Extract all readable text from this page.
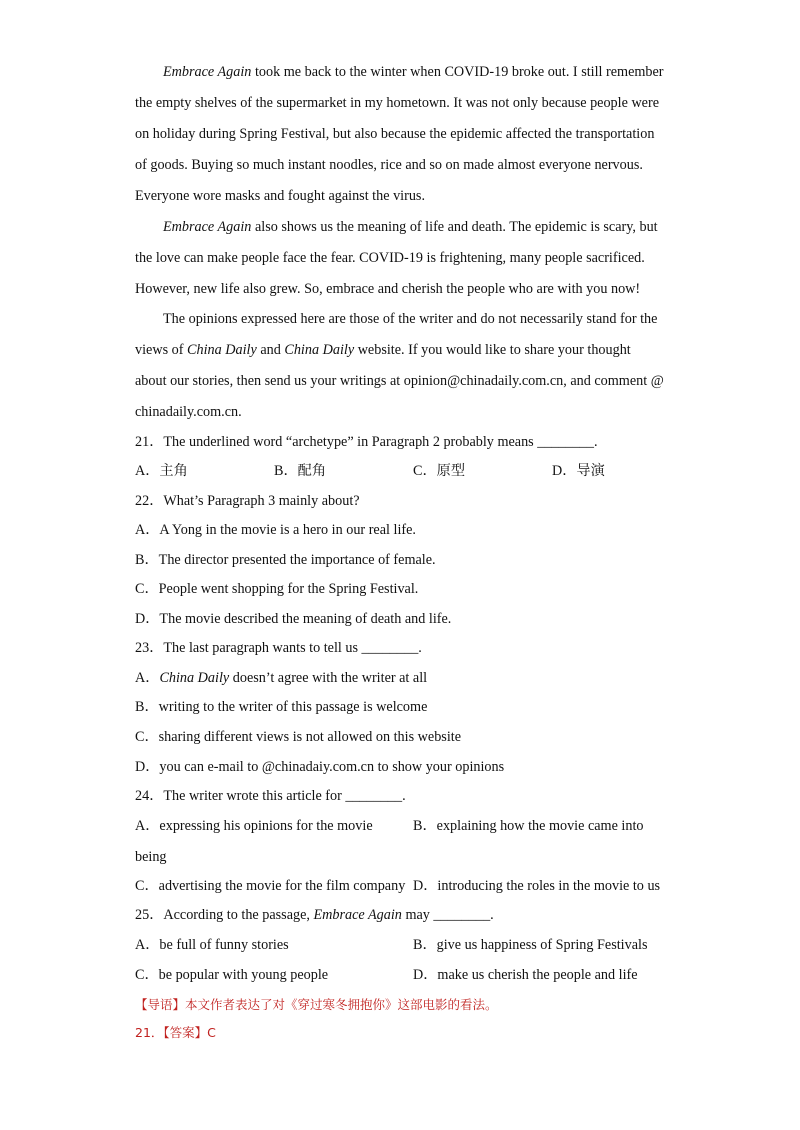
Embrace Again took me back to the winter when COVID-19 broke out. I still remember
the empty shelves of the supermarket in my hometown. It was not only because people were
on holiday during Spring Festival, but also because the epidemic affected the transportation
of goods. Buying so much instant noodles, rice and so on made almost everyone nervous.
Everyone wore masks and fought against the virus.
Embrace Again also shows us the meaning of life and death. The epidemic is scary, but
the love can make people face the fear. COVID-19 is frightening, many people sacrificed.
However, new life also grew. So, embrace and cherish the people who are with you now!
The opinions expressed here are those of the writer and do not necessarily stand for the
views of China Daily and China Daily website. If you would like to share your thought
about our stories, then send us your writings at opinion@chinadaily.com.cn, and comment @
chinadaily.com.cn.
21．The underlined word “archetype” in Paragraph 2 probably means ________.
A．主角	B．配角	C．原型	D．导演
22．What’s Paragraph 3 mainly about?
A．A Yong in the movie is a hero in our real life.
B．The director presented the importance of female.
C．People went shopping for the Spring Festival.
D．The movie described the meaning of death and life.
23．The last paragraph wants to tell us ________.
A．China Daily doesn’t agree with the writer at all
B．writing to the writer of this passage is welcome
C．sharing different views is not allowed on this website
D．you can e-mail to @chinadaiy.com.cn to show your opinions
24．The writer wrote this article for ________.
A．expressing his opinions for the movie	B．explaining how the movie came into
being
C．advertising the movie for the film company D．introducing the roles in the movie to us
25．According to the passage, Embrace Again may ________.
A．be full of funny stories	B．give us happiness of Spring Festivals
C．be popular with young people	D．make us cherish the people and life
【导语】本文作者表达了对《穿过寒冬拥抱你》这部电影的看法。
21．【答案】C
